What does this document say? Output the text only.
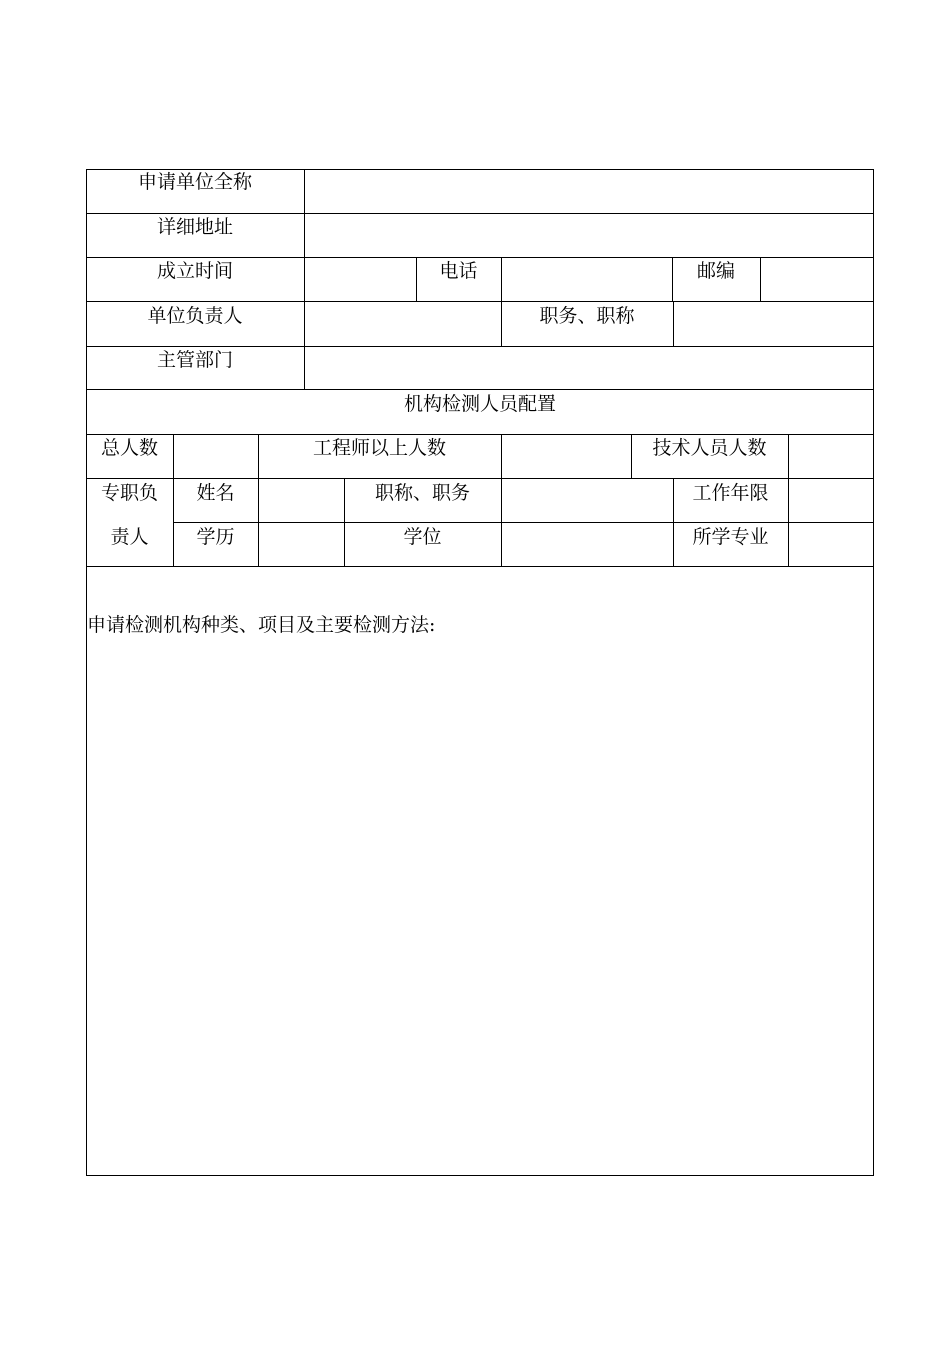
申请单位全称
详细地址
成立时间	电话	邮编
单位负责人	职务、职称
主管部门
机构检测人员配置
总人数	工程师以上人数	技术人员人数
专职负
责人
姓名	职称、职务	工作年限
学历	学位	所学专业
申请检测机构种类、项目及主要检测方法:
